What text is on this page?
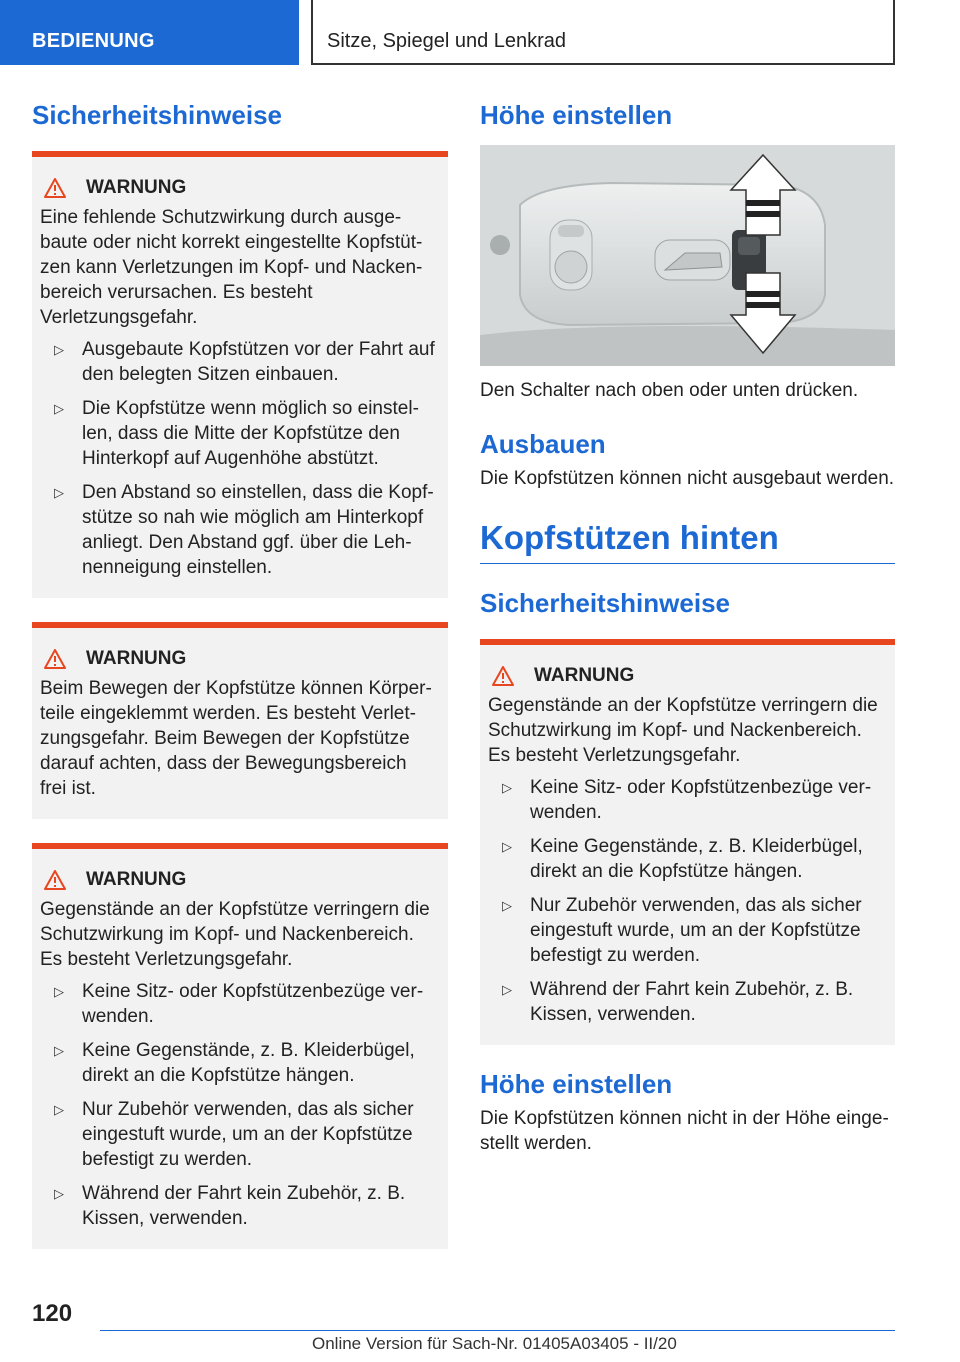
BEDIENUNG	Sitze, Spiegel und Lenkrad
Sicherheitshinweise
WARNUNG

Eine fehlende Schutzwirkung durch ausgebaute oder nicht korrekt eingestellte Kopfstützen kann Verletzungen im Kopf- und Nackenbereich verursachen. Es besteht Verletzungsgefahr.

▷ Ausgebaute Kopfstützen vor der Fahrt auf den belegten Sitzen einbauen.
▷ Die Kopfstütze wenn möglich so einstellen, dass die Mitte der Kopfstütze den Hinterkopf auf Augenhöhe abstützt.
▷ Den Abstand so einstellen, dass die Kopfstütze so nah wie möglich am Hinterkopf anliegt. Den Abstand ggf. über die Lehnenneigung einstellen.
WARNUNG

Beim Bewegen der Kopfstütze können Körperteile eingeklemmt werden. Es besteht Verletzungsgefahr. Beim Bewegen der Kopfstütze darauf achten, dass der Bewegungsbereich frei ist.

WARNUNG

Gegenstände an der Kopfstütze verringern die Schutzwirkung im Kopf- und Nackenbereich. Es besteht Verletzungsgefahr.

▷ Keine Sitz- oder Kopfstützenbezüge verwenden.
▷ Keine Gegenstände, z. B. Kleiderbügel, direkt an die Kopfstütze hängen.
▷ Nur Zubehör verwenden, das als sicher eingestuft wurde, um an der Kopfstütze befestigt zu werden.
▷ Während der Fahrt kein Zubehör, z. B. Kissen, verwenden.
Höhe einstellen

Den Schalter nach oben oder unten drücken.

Ausbauen

Die Kopfstützen können nicht ausgebaut werden.

Kopfstützen hinten
Sicherheitshinweise
WARNUNG

Gegenstände an der Kopfstütze verringern die Schutzwirkung im Kopf- und Nackenbereich. Es besteht Verletzungsgefahr.

▷ Keine Sitz- oder Kopfstützenbezüge verwenden.
▷ Keine Gegenstände, z. B. Kleiderbügel, direkt an die Kopfstütze hängen.
▷ Nur Zubehör verwenden, das als sicher eingestuft wurde, um an der Kopfstütze befestigt zu werden.
▷ Während der Fahrt kein Zubehör, z. B. Kissen, verwenden.
Höhe einstellen

Die Kopfstützen können nicht in der Höhe eingestellt werden.

120
Online Version für Sach-Nr. 01405A03405 - II/20
